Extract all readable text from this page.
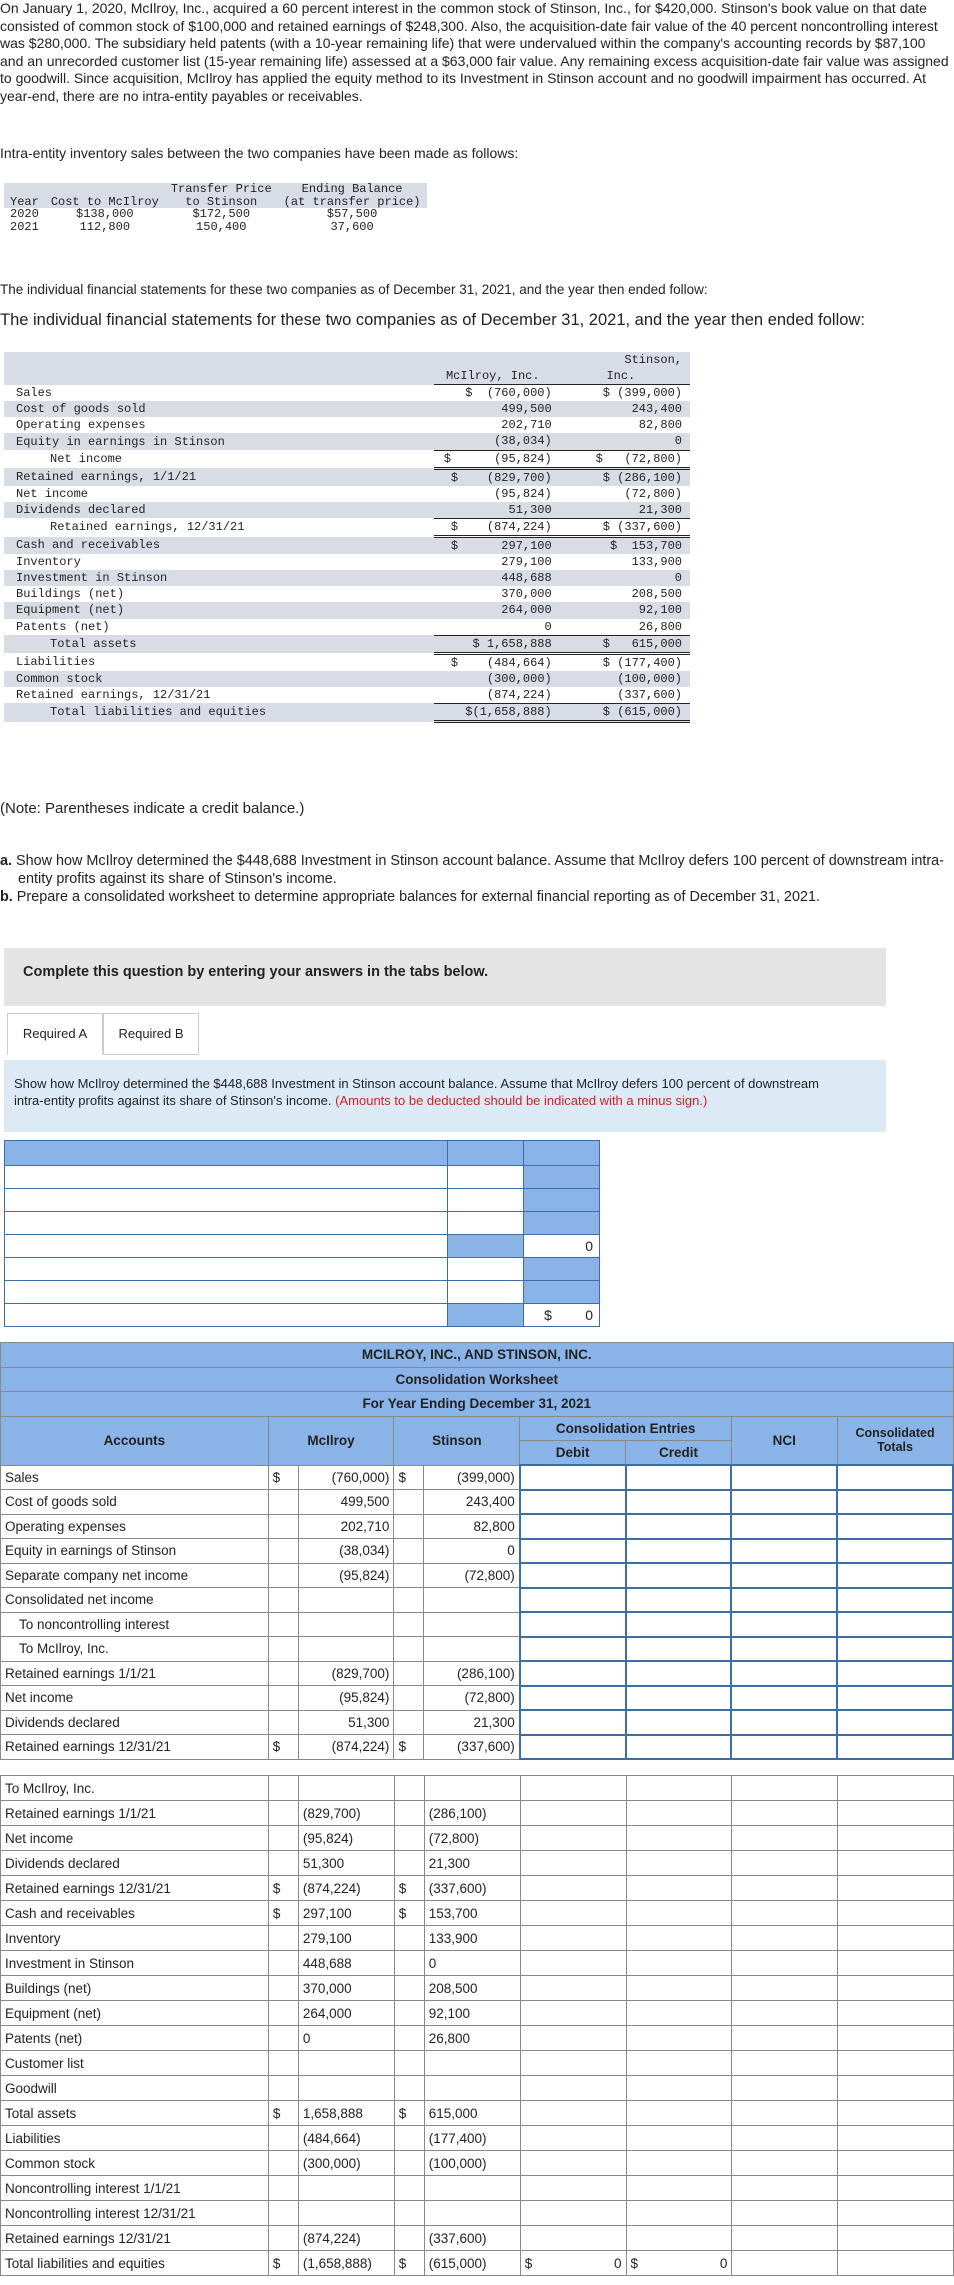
On January 1, 2020, McIlroy, Inc., acquired a 60 percent interest in the common stock of Stinson, Inc., for $420,000. Stinson's book value on that date consisted of common stock of $100,000 and retained earnings of $248,300. Also, the acquisition-date fair value of the 40 percent noncontrolling interest was $280,000. The subsidiary held patents (with a 10-year remaining life) that were undervalued within the company's accounting records by $87,100 and an unrecorded customer list (15-year remaining life) assessed at a $63,000 fair value. Any remaining excess acquisition-date fair value was assigned to goodwill. Since acquisition, McIlroy has applied the equity method to its Investment in Stinson account and no goodwill impairment has occurred. At year-end, there are no intra-entity payables or receivables.
Intra-entity inventory sales between the two companies have been made as follows:
		Transfer Price	Ending Balance
Year	Cost to McIlroy	to Stinson	(at transfer price)
2020	$138,000	$172,500	$57,500
2021	112,800	150,400	37,600
The individual financial statements for these two companies as of December 31, 2021, and the year then ended follow:
The individual financial statements for these two companies as of December 31, 2021, and the year then ended follow:
		Stinson,
	McIlroy, Inc.	Inc.
Sales	$  (760,000)	$ (399,000)
Cost of goods sold	499,500	243,400
Operating expenses	202,710	82,800
Equity in earnings in Stinson	(38,034)	0
Net income	$      (95,824)	$   (72,800)
Retained earnings, 1/1/21	$    (829,700)	$ (286,100)
Net income	(95,824)	(72,800)
Dividends declared	51,300	21,300
Retained earnings, 12/31/21	$    (874,224)	$ (337,600)
Cash and receivables	$      297,100	$  153,700
Inventory	279,100	133,900
Investment in Stinson	448,688	0
Buildings (net)	370,000	208,500
Equipment (net)	264,000	92,100
Patents (net)	0	26,800
Total assets	$ 1,658,888	$   615,000
Liabilities	$    (484,664)	$ (177,400)
Common stock	(300,000)	(100,000)
Retained earnings, 12/31/21	(874,224)	(337,600)
Total liabilities and equities	$(1,658,888)	$ (615,000)
(Note: Parentheses indicate a credit balance.)

a. Show how McIlroy determined the $448,688 Investment in Stinson account balance. Assume that McIlroy defers 100 percent of downstream intra-entity profits against its share of Stinson's income.

b. Prepare a consolidated worksheet to determine appropriate balances for external financial reporting as of December 31, 2021.

Complete this question by entering your answers in the tabs below.
Required A	Required B
Show how McIlroy determined the $448,688 Investment in Stinson account balance. Assume that McIlroy defers 100 percent of downstream intra-entity profits against its share of Stinson's income. (Amounts to be deducted should be indicated with a minus sign.)

		0

		$ 0
MCILROY, INC., AND STINSON, INC.								
Consolidation Worksheet								
For Year Ending December 31, 2021								
Accounts	McIlroy		Stinson		Consolidation Entries		NCI	Consolidated Totals
					Debit	Credit		
Sales	$	(760,000)	$	(399,000)				
Cost of goods sold		499,500		243,400				
Operating expenses		202,710		82,800				
Equity in earnings of Stinson		(38,034)		0				
Separate company net income		(95,824)		(72,800)				
Consolidated net income								
To noncontrolling interest								
To McIlroy, Inc.								
Retained earnings 1/1/21		(829,700)		(286,100)				
Net income		(95,824)		(72,800)				
Dividends declared		51,300		21,300				
Retained earnings 12/31/21	$	(874,224)	$	(337,600)				
To McIlroy, Inc.								
Retained earnings 1/1/21		(829,700)		(286,100)				
Net income		(95,824)		(72,800)				
Dividends declared		51,300		21,300				
Retained earnings 12/31/21	$	(874,224)	$	(337,600)				
Cash and receivables	$	297,100	$	153,700				
Inventory		279,100		133,900				
Investment in Stinson		448,688		0				
Buildings (net)		370,000		208,500				
Equipment (net)		264,000		92,100				
Patents (net)		0		26,800				
Customer list								
Goodwill								
Total assets	$	1,658,888	$	615,000				
Liabilities		(484,664)		(177,400)				
Common stock		(300,000)		(100,000)				
Noncontrolling interest 1/1/21								
Noncontrolling interest 12/31/21								
Retained earnings 12/31/21		(874,224)		(337,600)				
Total liabilities and equities	$	(1,658,888)	$	(615,000)	$ 0	$ 0		
